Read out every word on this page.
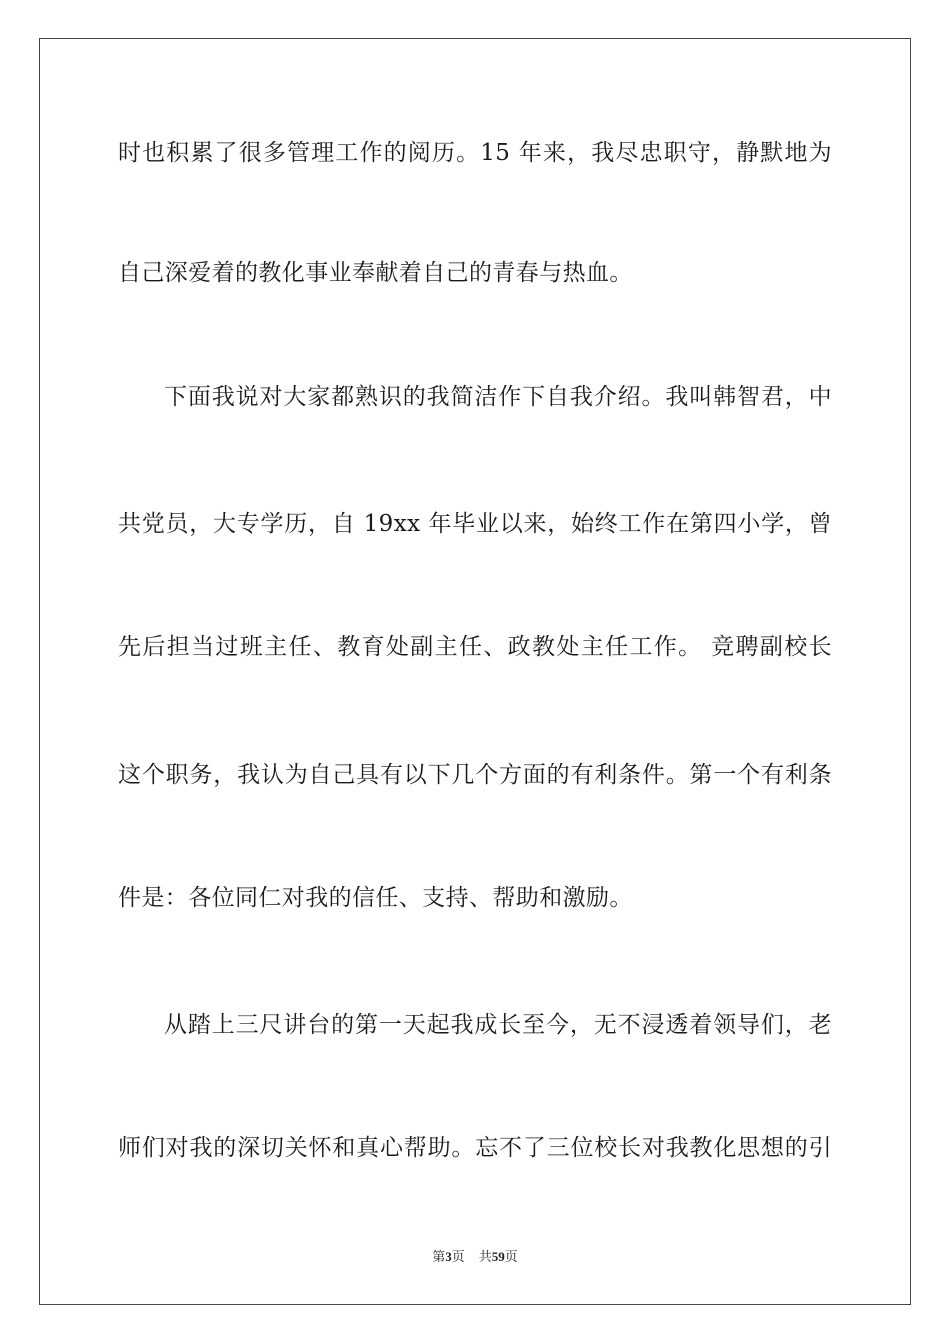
时也积累了很多管理工作的阅历。15 年来，我尽忠职守，静默地为
自己深爱着的教化事业奉献着自己的青春与热血。
下面我说对大家都熟识的我简洁作下自我介绍。我叫韩智君，中
共党员，大专学历，自 19xx 年毕业以来，始终工作在第四小学，曾
先后担当过班主任、教育处副主任、政教处主任工作。 竞聘副校长
这个职务，我认为自己具有以下几个方面的有利条件。第一个有利条
件是：各位同仁对我的信任、支持、帮助和激励。
从踏上三尺讲台的第一天起我成长至今，无不浸透着领导们，老
师们对我的深切关怀和真心帮助。忘不了三位校长对我教化思想的引
第3页 共59页
